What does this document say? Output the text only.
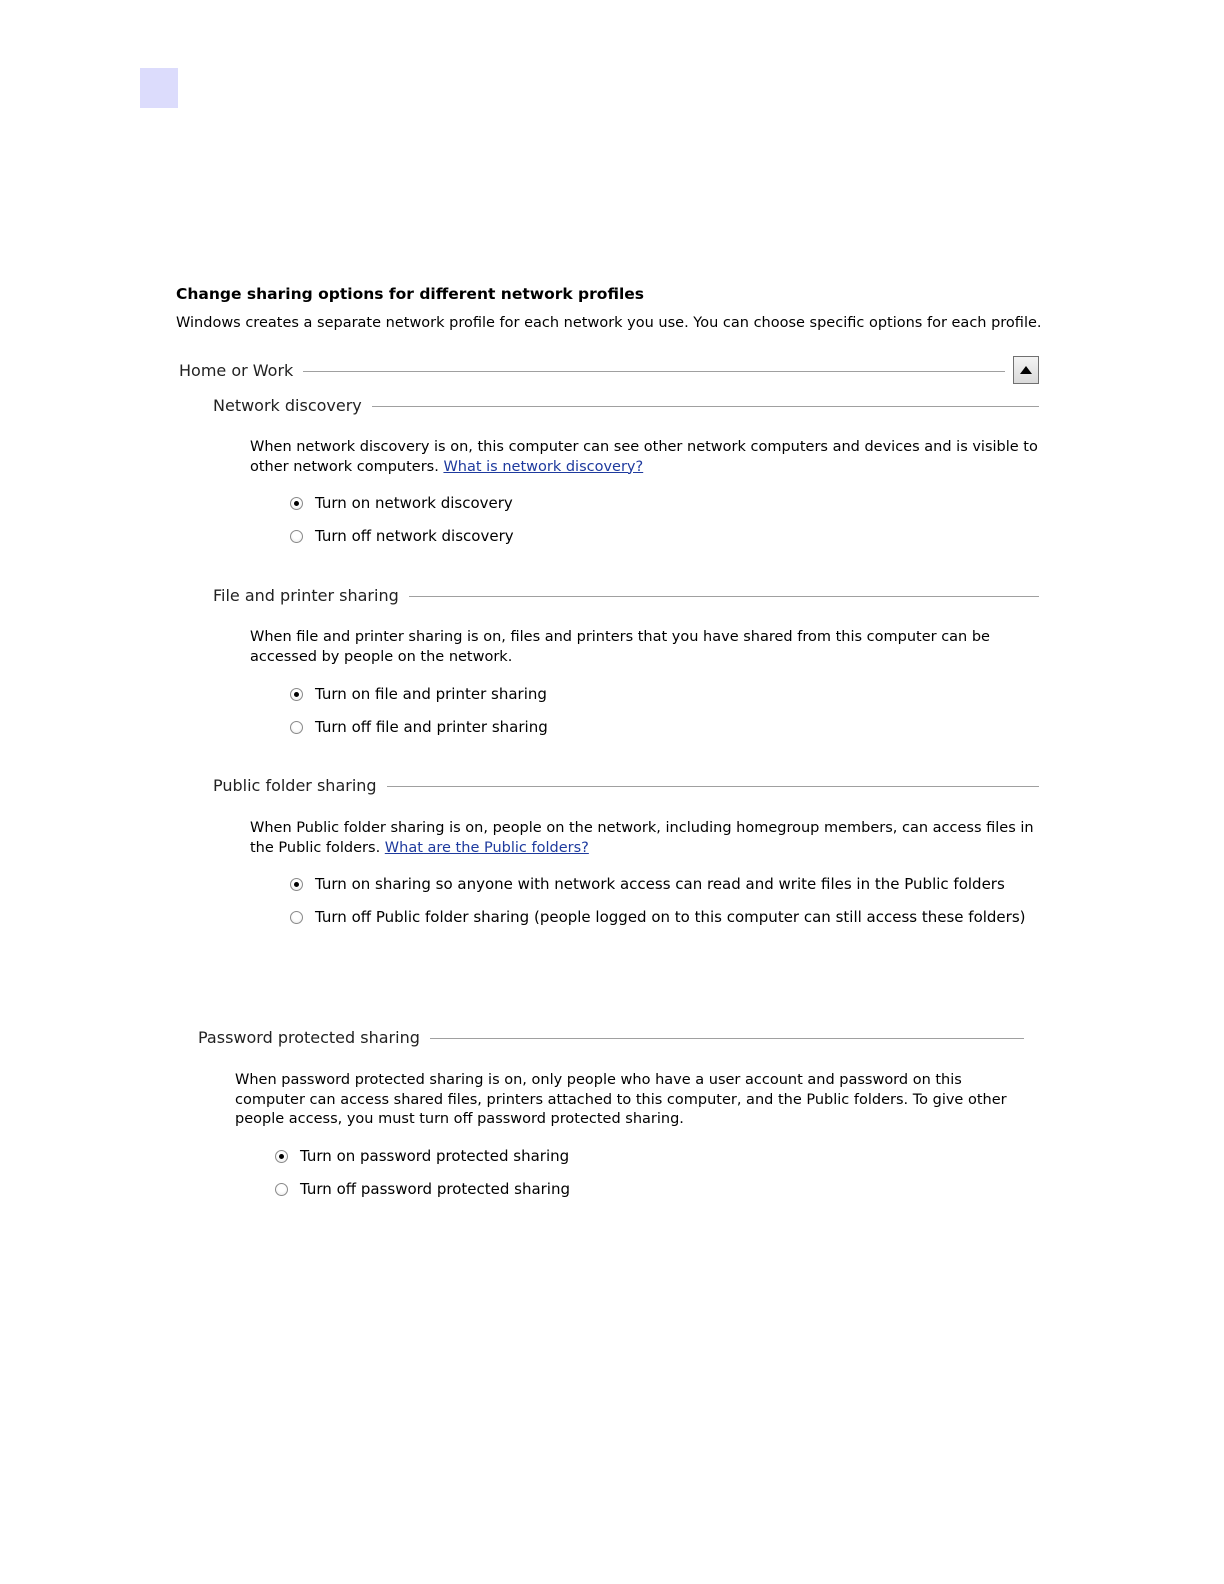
Change sharing options for different network profiles
Windows creates a separate network profile for each network you use. You can choose specific options for each profile.
Home or Work
Network discovery
When network discovery is on, this computer can see other network computers and devices and is visible to
other network computers. What is network discovery?
Turn on network discovery
Turn off network discovery
File and printer sharing
When file and printer sharing is on, files and printers that you have shared from this computer can be
accessed by people on the network.
Turn on file and printer sharing
Turn off file and printer sharing
Public folder sharing
When Public folder sharing is on, people on the network, including homegroup members, can access files in
the Public folders. What are the Public folders?
Turn on sharing so anyone with network access can read and write files in the Public folders
Turn off Public folder sharing (people logged on to this computer can still access these folders)
Password protected sharing
When password protected sharing is on, only people who have a user account and password on this
computer can access shared files, printers attached to this computer, and the Public folders. To give other
people access, you must turn off password protected sharing.
Turn on password protected sharing
Turn off password protected sharing
